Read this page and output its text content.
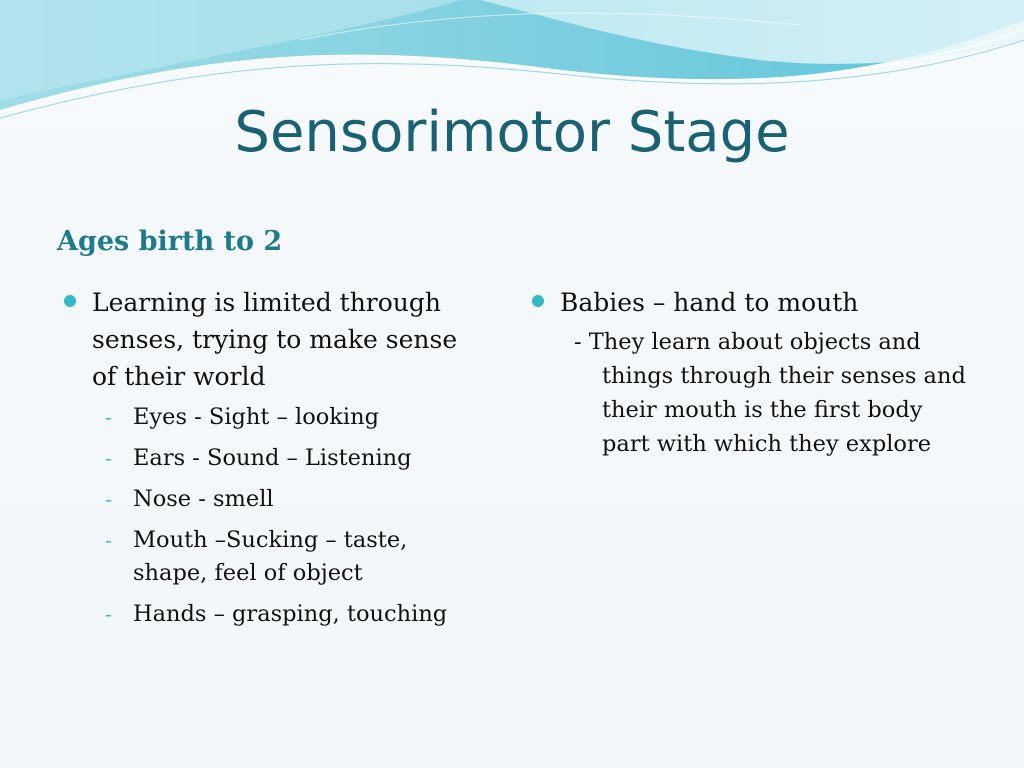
Sensorimotor Stage
Ages birth to 2

Learning is limited through senses, trying to make sense of their world

- Eyes - Sight – looking
- Ears - Sound – Listening
- Nose - smell
- Mouth –Sucking – taste, shape, feel of object
- Hands – grasping, touching

Babies – hand to mouth

- They learn about objects and things through their senses and their mouth is the first body part with which they explore
